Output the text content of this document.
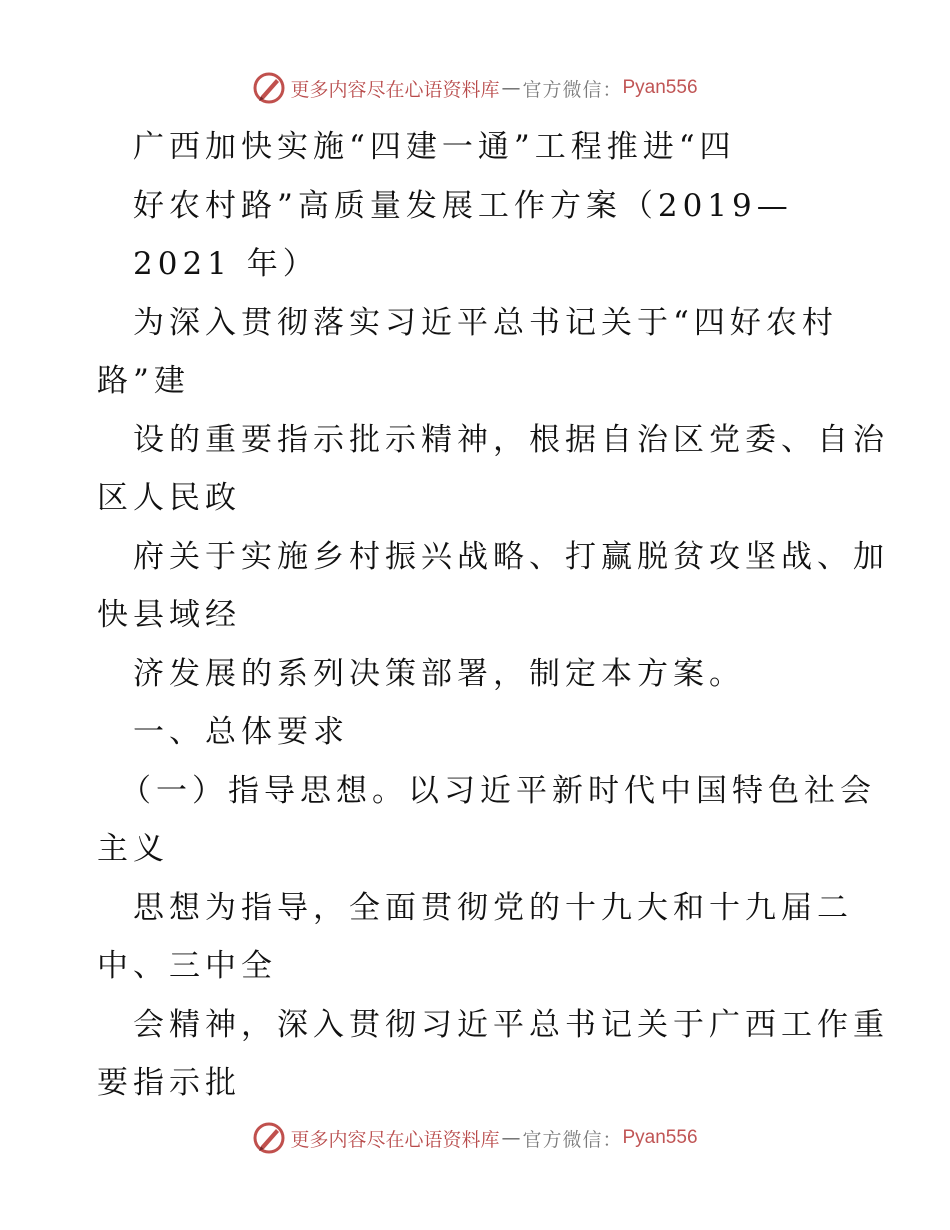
更多内容尽在心语资料库 — 官方微信： Pyan556
广西加快实施“四建一通”工程推进“四
好农村路”高质量发展工作方案（2019—
2021 年）
为深入贯彻落实习近平总书记关于“四好农村
路”建
设的重要指示批示精神，根据自治区党委、自治
区人民政
府关于实施乡村振兴战略、打赢脱贫攻坚战、加
快县域经
济发展的系列决策部署，制定本方案。
一、总体要求
（一）指导思想。以习近平新时代中国特色社会
主义
思想为指导，全面贯彻党的十九大和十九届二
中、三中全
会精神，深入贯彻习近平总书记关于广西工作重
要指示批
更多内容尽在心语资料库 — 官方微信： Pyan556
